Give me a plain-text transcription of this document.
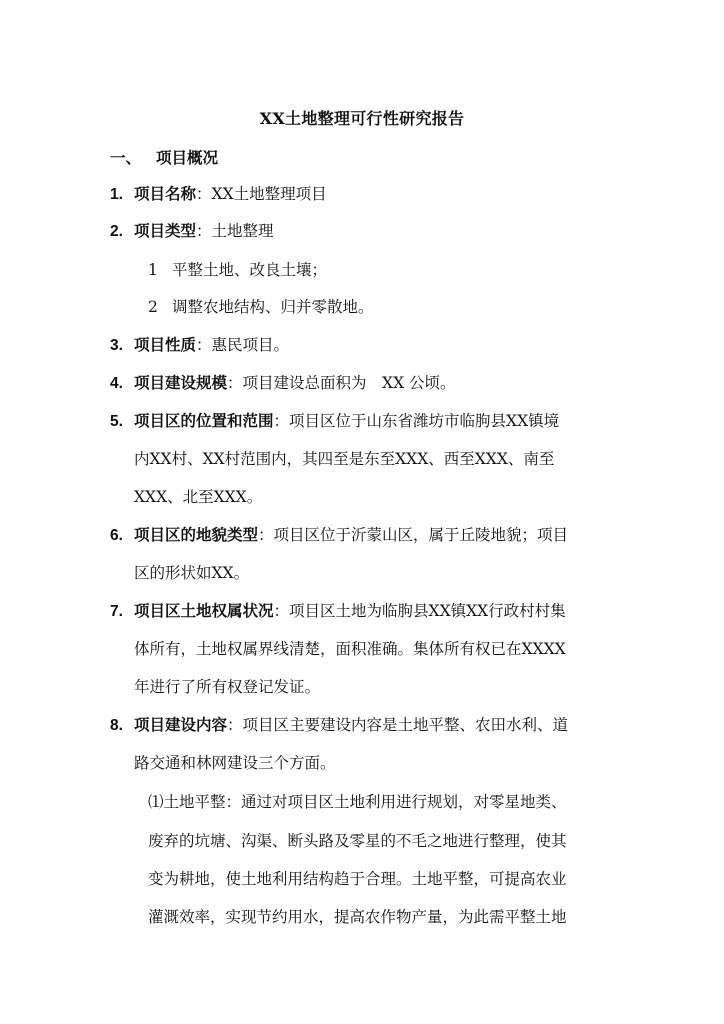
XX土地整理可行性研究报告
一、 项目概况
1. 项目名称：XX土地整理项目
2. 项目类型：土地整理
1 平整土地、改良土壤；
2 调整农地结构、归并零散地。
3. 项目性质：惠民项目。
4. 项目建设规模：项目建设总面积为　XX 公顷。
5. 项目区的位置和范围：项目区位于山东省潍坊市临朐县XX镇境
内XX村、XX村范围内，其四至是东至XXX、西至XXX、南至
XXX、北至XXX。
6. 项目区的地貌类型：项目区位于沂蒙山区，属于丘陵地貌；项目
区的形状如XX。
7. 项目区土地权属状况：项目区土地为临朐县XX镇XX行政村村集
体所有，土地权属界线清楚，面积准确。集体所有权已在XXXX
年进行了所有权登记发证。
8. 项目建设内容：项目区主要建设内容是土地平整、农田水利、道
路交通和林网建设三个方面。
⑴土地平整：通过对项目区土地利用进行规划，对零星地类、
废弃的坑塘、沟渠、断头路及零星的不毛之地进行整理，使其
变为耕地，使土地利用结构趋于合理。土地平整，可提高农业
灌溉效率，实现节约用水，提高农作物产量，为此需平整土地
